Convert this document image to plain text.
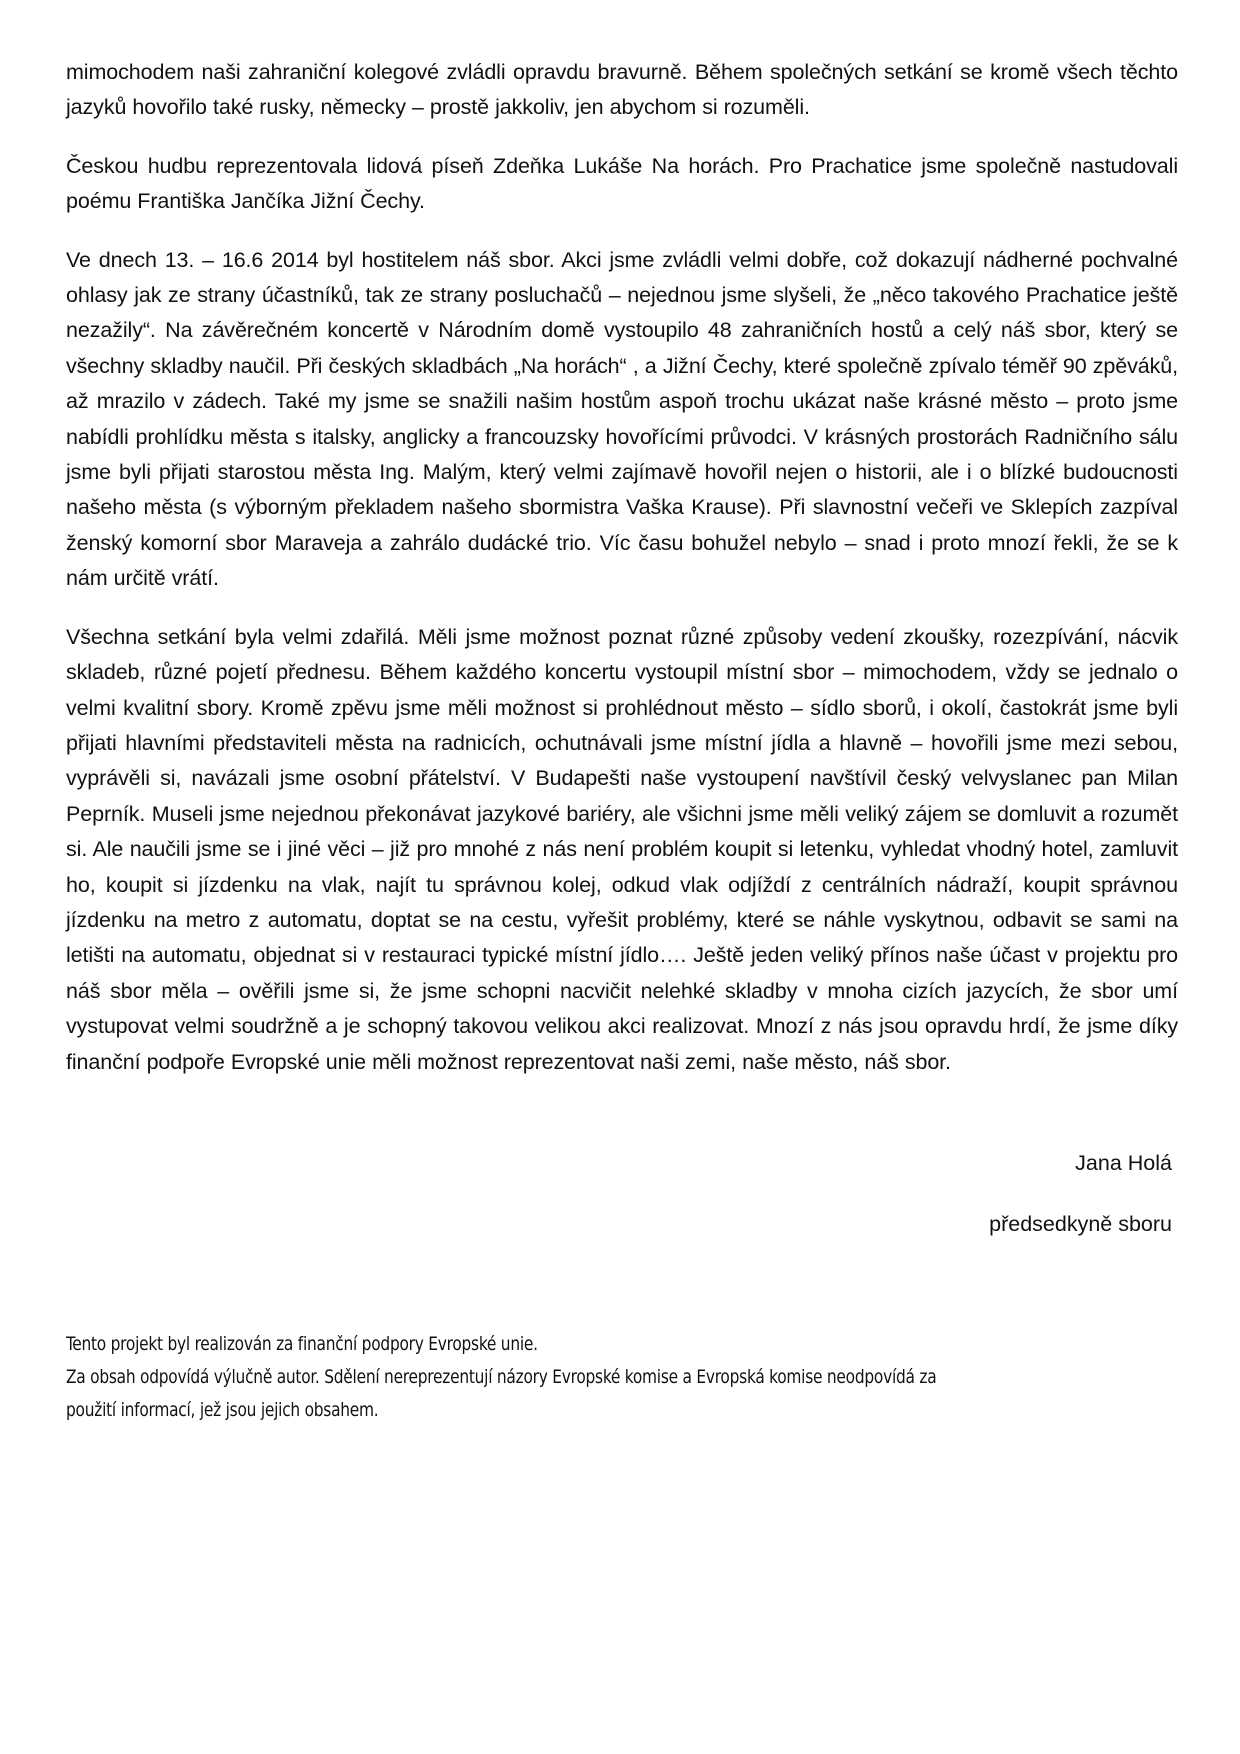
mimochodem naši zahraniční kolegové zvládli opravdu bravurně. Během společných setkání se kromě všech těchto jazyků hovořilo také rusky, německy – prostě jakkoliv, jen abychom si rozuměli.

Českou hudbu reprezentovala lidová píseň Zdeňka Lukáše Na horách. Pro Prachatice jsme společně nastudovali poému Františka Jančíka Jižní Čechy.

Ve dnech 13. – 16.6 2014 byl hostitelem náš sbor. Akci jsme zvládli velmi dobře, což dokazují nádherné pochvalné ohlasy jak ze strany účastníků, tak ze strany posluchačů – nejednou jsme slyšeli, že „něco takového Prachatice ještě nezažily“. Na závěrečném koncertě v Národním domě vystoupilo 48 zahraničních hostů a celý náš sbor, který se všechny skladby naučil. Při českých skladbách „Na horách“ , a Jižní Čechy, které společně zpívalo téměř 90 zpěváků, až mrazilo v zádech. Také my jsme se snažili našim hostům aspoň trochu ukázat naše krásné město – proto jsme nabídli prohlídku města s italsky, anglicky a francouzsky hovořícími průvodci. V krásných prostorách Radničního sálu jsme byli přijati starostou města Ing. Malým, který velmi zajímavě hovořil nejen o historii, ale i o blízké budoucnosti našeho města (s výborným překladem našeho sbormistra Vaška Krause). Při slavnostní večeři ve Sklepích zazpíval ženský komorní sbor Maraveja a zahrálo dudácké trio. Víc času bohužel nebylo – snad i proto mnozí řekli, že se k nám určitě vrátí.

Všechna setkání byla velmi zdařilá. Měli jsme možnost poznat různé způsoby vedení zkoušky, rozezpívání, nácvik skladeb, různé pojetí přednesu. Během každého koncertu vystoupil místní sbor – mimochodem, vždy se jednalo o velmi kvalitní sbory. Kromě zpěvu jsme měli možnost si prohlédnout město – sídlo sborů, i okolí, častokrát jsme byli přijati hlavními představiteli města na radnicích, ochutnávali jsme místní jídla a hlavně – hovořili jsme mezi sebou, vyprávěli si, navázali jsme osobní přátelství. V Budapešti naše vystoupení navštívil český velvyslanec pan Milan Peprník. Museli jsme nejednou překonávat jazykové bariéry, ale všichni jsme měli veliký zájem se domluvit a rozumět si. Ale naučili jsme se i jiné věci – již pro mnohé z nás není problém koupit si letenku, vyhledat vhodný hotel, zamluvit ho, koupit si jízdenku na vlak, najít tu správnou kolej, odkud vlak odjíždí z centrálních nádraží, koupit správnou jízdenku na metro z automatu, doptat se na cestu, vyřešit problémy, které se náhle vyskytnou, odbavit se sami na letišti na automatu, objednat si v restauraci typické místní jídlo…. Ještě jeden veliký přínos naše účast v projektu pro náš sbor měla – ověřili jsme si, že jsme schopni nacvičit nelehké skladby v mnoha cizích jazycích, že sbor umí vystupovat velmi soudržně a je schopný takovou velikou akci realizovat. Mnozí z nás jsou opravdu hrdí, že jsme díky finanční podpoře Evropské unie měli možnost reprezentovat naši zemi, naše město, náš sbor.

Jana Holá
předsedkyně sboru
Tento projekt byl realizován za finanční podpory Evropské unie.
Za obsah odpovídá výlučně autor. Sdělení nereprezentují názory Evropské komise a Evropská komise neodpovídá za
použití informací, jež jsou jejich obsahem.
